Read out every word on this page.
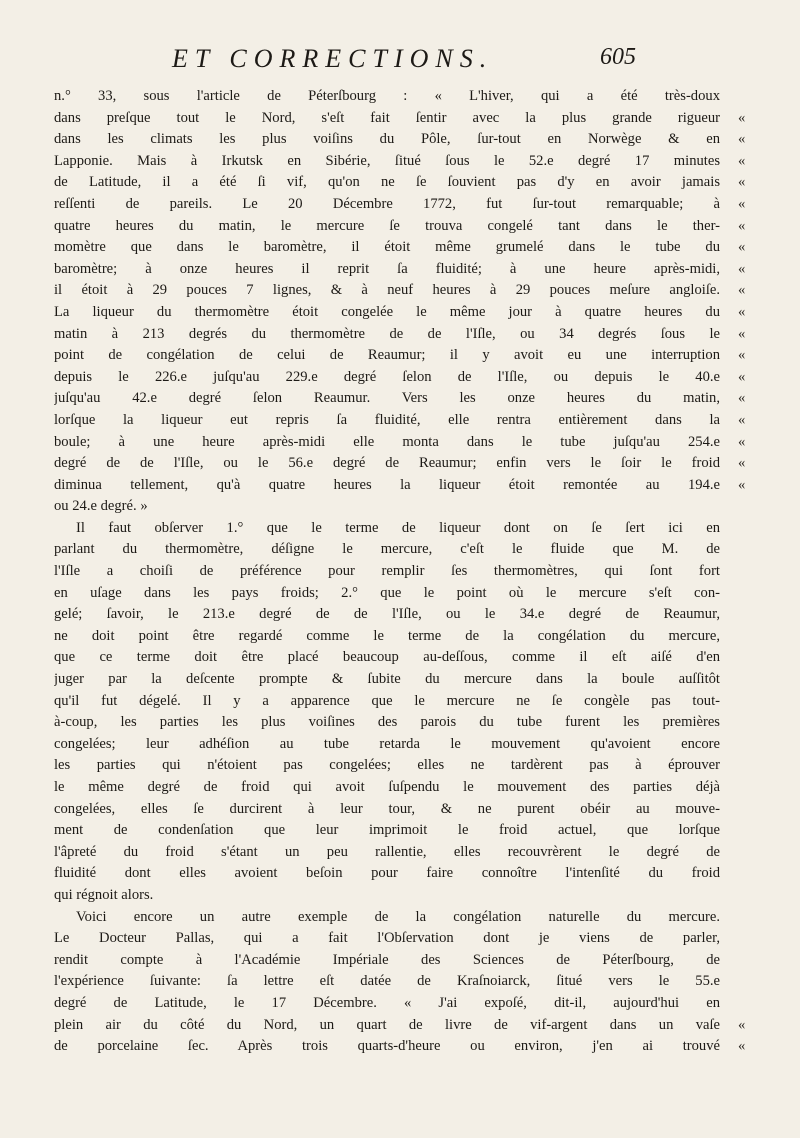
ET CORRECTIONS.	605
n.° 33, sous l'article de Péterſbourg : « L'hiver, qui a été très-doux
dans preſque tout le Nord, s'eſt fait ſentir avec la plus grande rigueur
dans les climats les plus voiſins du Pôle, ſur-tout en Norwège & en
Lapponie. Mais à Irkutsk en Sibérie, ſitué ſous le 52.e degré 17 minutes
de Latitude, il a été ſi vif, qu'on ne ſe ſouvient pas d'y en avoir jamais
reſſenti de pareils. Le 20 Décembre 1772, fut ſur-tout remarquable; à
quatre heures du matin, le mercure ſe trouva congelé tant dans le ther-
momètre que dans le baromètre, il étoit même grumelé dans le tube du
baromètre; à onze heures il reprit ſa fluidité; à une heure après-midi,
il étoit à 29 pouces 7 lignes, & à neuf heures à 29 pouces meſure angloiſe.
La liqueur du thermomètre étoit congelée le même jour à quatre heures du
matin à 213 degrés du thermomètre de de l'Iſle, ou 34 degrés ſous le
point de congélation de celui de Reaumur; il y avoit eu une interruption
depuis le 226.e juſqu'au 229.e degré ſelon de l'Iſle, ou depuis le 40.e
juſqu'au 42.e degré ſelon Reaumur. Vers les onze heures du matin,
lorſque la liqueur eut repris ſa fluidité, elle rentra entièrement dans la
boule; à une heure après-midi elle monta dans le tube juſqu'au 254.e
degré de de l'Iſle, ou le 56.e degré de Reaumur; enfin vers le ſoir le froid
diminua tellement, qu'à quatre heures la liqueur étoit remontée au 194.e
ou 24.e degré. »
Il faut obſerver 1.° que le terme de liqueur dont on ſe ſert ici en
parlant du thermomètre, déſigne le mercure, c'eſt le fluide que M. de
l'Iſle a choiſi de préférence pour remplir ſes thermomètres, qui ſont fort
en uſage dans les pays froids; 2.° que le point où le mercure s'eſt con-
gelé; ſavoir, le 213.e degré de de l'Iſle, ou le 34.e degré de Reaumur,
ne doit point être regardé comme le terme de la congélation du mercure,
que ce terme doit être placé beaucoup au-deſſous, comme il eſt aiſé d'en
juger par la deſcente prompte & ſubite du mercure dans la boule auſſitôt
qu'il fut dégelé. Il y a apparence que le mercure ne ſe congèle pas tout-
à-coup, les parties les plus voiſines des parois du tube furent les premières
congelées; leur adhéſion au tube retarda le mouvement qu'avoient encore
les parties qui n'étoient pas congelées; elles ne tardèrent pas à éprouver
le même degré de froid qui avoit ſuſpendu le mouvement des parties déjà
congelées, elles ſe durcirent à leur tour, & ne purent obéir au mouve-
ment de condenſation que leur imprimoit le froid actuel, que lorſque
l'âpreté du froid s'étant un peu rallentie, elles recouvrèrent le degré de
fluidité dont elles avoient beſoin pour faire connoître l'intenſité du froid
qui régnoit alors.
Voici encore un autre exemple de la congélation naturelle du mercure.
Le Docteur Pallas, qui a fait l'Obſervation dont je viens de parler,
rendit compte à l'Académie Impériale des Sciences de Péterſbourg, de
l'expérience ſuivante: ſa lettre eſt datée de Kraſnoiarck, ſitué vers le 55.e
degré de Latitude, le 17 Décembre. « J'ai expoſé, dit-il, aujourd'hui en
plein air du côté du Nord, un quart de livre de vif-argent dans un vaſe
de porcelaine ſec. Après trois quarts-d'heure ou environ, j'en ai trouvé
«
«
«
«
«
«
«
«
«
«
«
«
«
«
«
«
«
«
«
«
